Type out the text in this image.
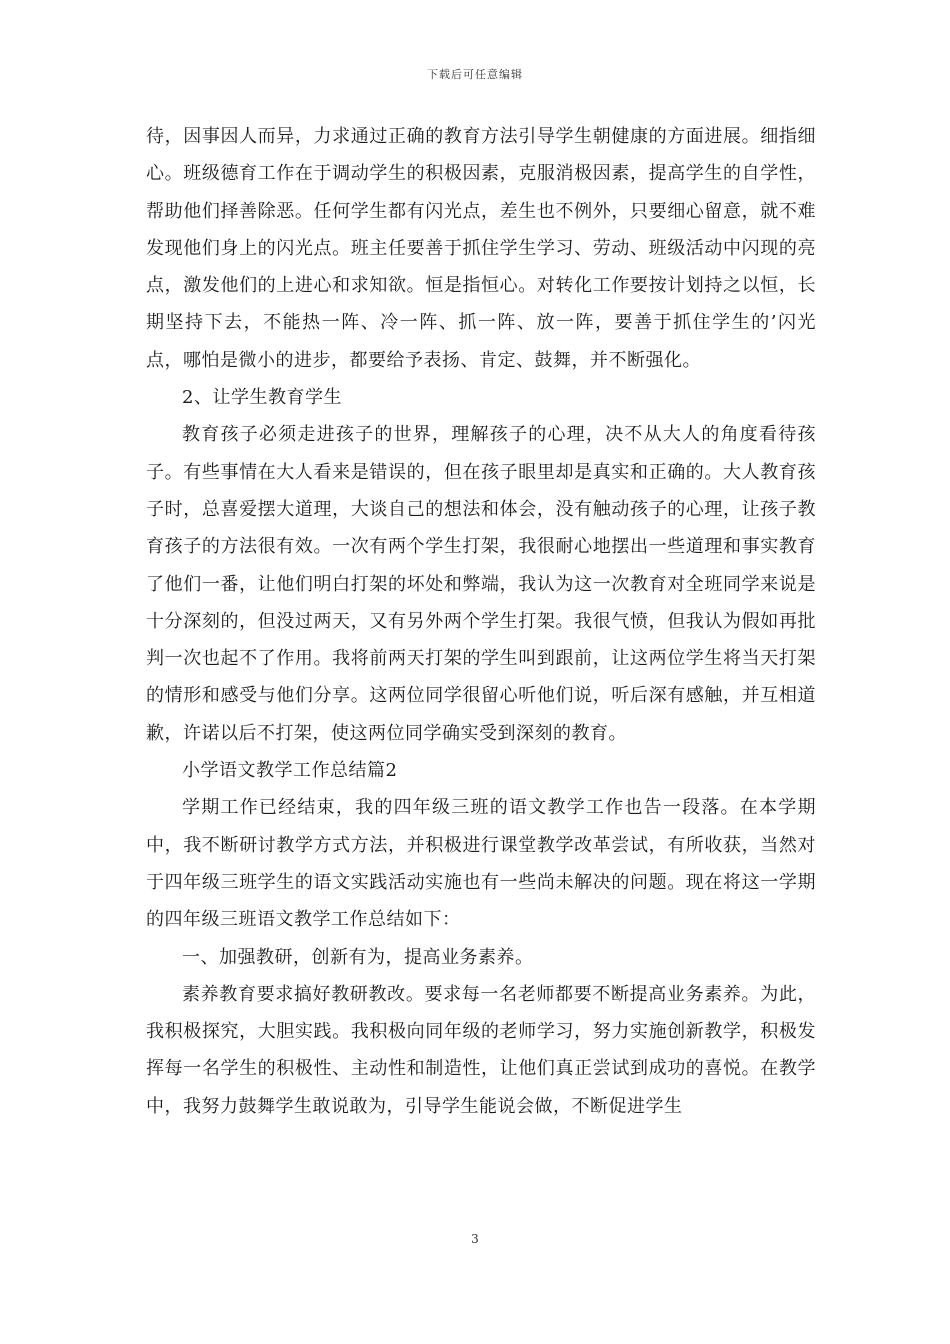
下载后可任意编辑

待，因事因人而异，力求通过正确的教育方法引导学生朝健康的方面进展。细指细心。班级德育工作在于调动学生的积极因素，克服消极因素，提高学生的自学性，帮助他们择善除恶。任何学生都有闪光点，差生也不例外，只要细心留意，就不难发现他们身上的闪光点。班主任要善于抓住学生学习、劳动、班级活动中闪现的亮点，激发他们的上进心和求知欲。恒是指恒心。对转化工作要按计划持之以恒，长期坚持下去，不能热一阵、冷一阵、抓一阵、放一阵，要善于抓住学生的’闪光点，哪怕是微小的进步，都要给予表扬、肯定、鼓舞，并不断强化。

2、让学生教育学生

教育孩子必须走进孩子的世界，理解孩子的心理，决不从大人的角度看待孩子。有些事情在大人看来是错误的，但在孩子眼里却是真实和正确的。大人教育孩子时，总喜爱摆大道理，大谈自己的想法和体会，没有触动孩子的心理，让孩子教育孩子的方法很有效。一次有两个学生打架，我很耐心地摆出一些道理和事实教育了他们一番，让他们明白打架的坏处和弊端，我认为这一次教育对全班同学来说是十分深刻的，但没过两天，又有另外两个学生打架。我很气愤，但我认为假如再批判一次也起不了作用。我将前两天打架的学生叫到跟前，让这两位学生将当天打架的情形和感受与他们分享。这两位同学很留心听他们说，听后深有感触，并互相道歉，许诺以后不打架，使这两位同学确实受到深刻的教育。

小学语文教学工作总结篇2

学期工作已经结束，我的四年级三班的语文教学工作也告一段落。在本学期中，我不断研讨教学方式方法，并积极进行课堂教学改革尝试，有所收获，当然对于四年级三班学生的语文实践活动实施也有一些尚未解决的问题。现在将这一学期的四年级三班语文教学工作总结如下：

一、加强教研，创新有为，提高业务素养。

素养教育要求搞好教研教改。要求每一名老师都要不断提高业务素养。为此，我积极探究，大胆实践。我积极向同年级的老师学习，努力实施创新教学，积极发挥每一名学生的积极性、主动性和制造性，让他们真正尝试到成功的喜悦。在教学中，我努力鼓舞学生敢说敢为，引导学生能说会做，不断促进学生

3
